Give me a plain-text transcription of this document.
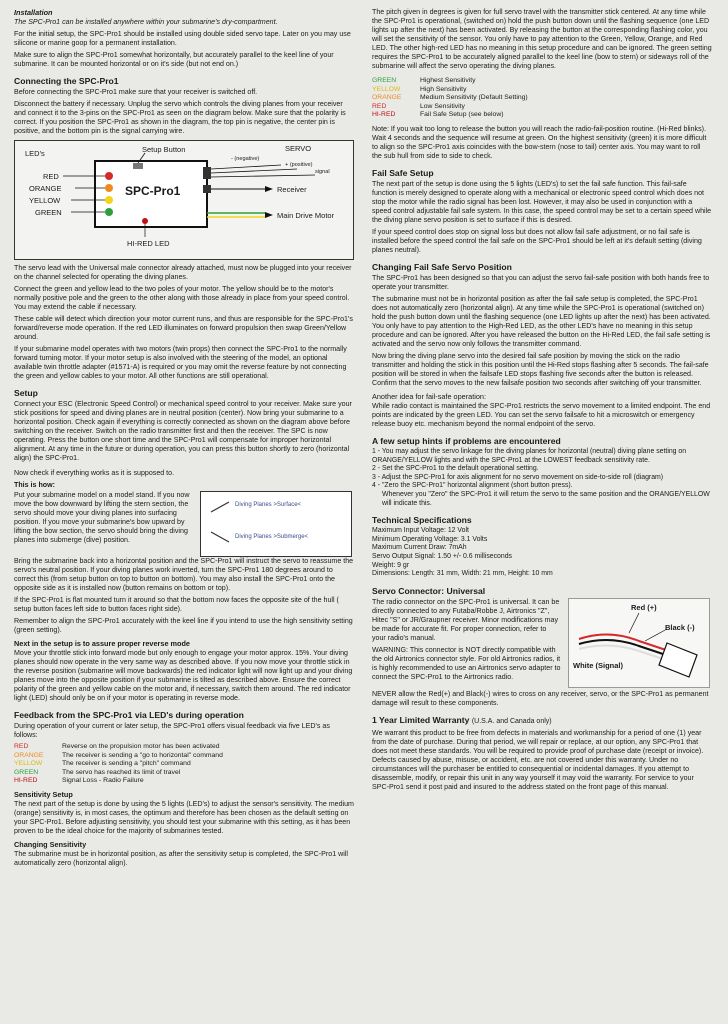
Installation

The SPC-Pro1 can be installed anywhere within your submarine's dry-compartment.

For the initial setup, the SPC-Pro1 should be installed using double sided servo tape. Later on you may use silicone or marine goop for a permanent installation.

Make sure to align the SPC-Pro1 somewhat horizontally, but accurately parallel to the keel line of your submarine. It can be mounted horizontal or on it's side (but not end on.)

Connecting the SPC-Pro1

Before connecting the SPC-Pro1 make sure that your receiver is switched off.

Disconnect the battery if necessary. Unplug the servo which controls the diving planes from your receiver and connect it to the 3-pins on the SPC-Pro1 as seen on the diagram below. Make sure that the polarity is correct. If you position the SPC-Pro1 as shown in the diagram, the top pin is negative, the center pin is positive, and the bottom pin is the signal carrying wire.

LED's	Setup Button	SERVO
- (negative)
+ (positive)
signal
RED
ORANGE
YELLOW
GREEN
SPC-Pro1	Receiver
Main Drive Motor
HI-RED LED

The servo lead with the Universal male connector already attached, must now be plugged into your receiver on the channel selected for operating the diving planes.

Connect the green and yellow lead to the two poles of your motor. The yellow should be to the motor's normally positive pole and the green to the other along with those already in place from your speed control. You may extend the cable if necessary.

These cable will detect which direction your motor current runs, and thus are responsible for the SPC-Pro1's forward/reverse mode operation. If the red LED illuminates on forward propulsion then swap Green/Yellow around.

If your submarine model operates with two motors (twin props) then connect the SPC-Pro1 to the normally forward turning motor. If your motor setup is also involved with the steering of the model, an optional available twin throttle adapter (#1571-A) is required or you may omit the reverse feature by not connecting the green and yellow cables to your motor. All other functions are still operational.

Setup

Connect your ESC (Electronic Speed Control) or mechanical speed control to your receiver. Make sure your stick positions for speed and diving planes are in neutral position (center). Now bring your submarine to a horizontal position. Check again if everything is correctly connected as shown on the diagram above before switching on the receiver. Switch on the radio transmitter first and then the receiver. The SPC is now operating. Press the button one short time and the SPC-Pro1 will compensate for improper horizontal alignment. At any time in the future or during operation, you can press this button shortly to zero (horizontal align) the SPC-Pro1.

Now check if everything works as it is supposed to.

This is how:

Put your submarine model on a model stand. If you now move the bow downward by lifting the stern section, the servo should move your diving planes into surfacing position. If you move your submarine's bow upward by lifting the bow section, the servo should bring the diving planes into submerge (dive) position.

Diving Planes >Surface<
Diving Planes >Submerge<

Bring the submarine back into a horizontal position and the SPC-Pro1 will instruct the servo to reassume the servo's neutral position. If your diving planes work inverted, turn the SPC-Pro1 180 degrees around to correct this (from setup button on top to button on bottom). You may also install the SPC-Pro1 onto the opposite side as it is installed now (button remains on bottom or top).

If the SPC-Pro1 is flat mounted turn it around so that the bottom now faces the opposite site of the hull ( setup button faces left side to button faces right side).

Remember to align the SPC-Pro1 accurately with the keel line if you intend to use the high sensitivity setting (green setting).

Next in the setup is to assure proper reverse mode

Move your throttle stick into forward mode but only enough to engage your motor approx. 15%. Your diving planes should now operate in the very same way as described above. If you now move your throttle stick in the reverse position (submarine will move backwards) the red indicator light will now light up and your diving planes move into the opposite position if your submarine is tilted as described above. Ensure the correct polarity of the green and yellow cable on the motor and, if necessary, switch them around. The red indicator light (LED) should only be on if your motor is operating in reverse mode.

Feedback from the SPC-Pro1 via LED's during operation

During operation of your current or later setup, the SPC-Pro1 offers visual feedback via five LED's as follows:

RED	Reverse on the propulsion motor has been activated
ORANGE	The receiver is sending a "go to horizontal" command
YELLOW	The receiver is sending a "pitch" command
GREEN	The servo has reached its limit of travel
HI-RED	Signal Loss - Radio Failure
Sensitivity Setup

The next part of the setup is done by using the 5 lights (LED's) to adjust the sensor's sensitivity. The medium (orange) sensitivity is, in most cases, the optimum and therefore has been chosen as the default setting on your SPC-Pro1. Before adjusting sensitivity, you should test your submarine with this setting, as it has been proven to be the ideal choice for the majority of submarines tested.

Changing Sensitivity

The submarine must be in horizontal position, as after the sensitivity setup is completed, the SPC-Pro1 will automatically zero (horizontal align).

The pitch given in degrees is given for full servo travel with the transmitter stick centered. At any time while the SPC-Pro1 is operational, (switched on) hold the push button down until the flashing sequence (one LED lights up after the next) has been activated. By releasing the button at the corresponding flashing color, you will set the sensitivity of the sensor. You only have to pay attention to the Green, Yellow, Orange, and Red LED. The other high-red LED has no meaning in this setup procedure and can be ignored. The green setting requires the SPC-Pro1 to be accurately aligned parallel to the keel line (bow to stern) or sideways roll of the submarine will affect the servo operating the diving planes.

GREEN	Highest Sensitivity
YELLOW	High Sensitivity
ORANGE	Medium Sensitivity (Default Setting)
RED	Low Sensitivity
HI-RED	Fail Safe Setup (see below)

Note: If you wait too long to release the button you will reach the radio-fail-position routine. (Hi-Red blinks). Wait 4 seconds and the sequence will resume at green. On the highest sensitivity (green) it is more difficult to align so the SPC-Pro1 axis coincides with the bow-stern (nose to tail) center axis. You may want to roll the sub hull from side to side to check.

Fail Safe Setup

The next part of the setup is done using the 5 lights (LED's) to set the fail safe function. This fail-safe function is merely designed to operate along with a mechanical or electronic speed control which does not stop the motor while the radio signal has been lost. However, it may also be used in conjunction with a speed control adjustable fail safe system. In this case, the speed control may be set to a certain speed while the diving plane servo position is set to surface if this is desired.

If your speed control does stop on signal loss but does not allow fail safe adjustment, or no fail safe is installed before the speed control the fail safe on the SPC-Pro1 should be left at it's default setting (diving planes neutral).

Changing Fail Safe Servo Position

The SPC-Pro1 has been designed so that you can adjust the servo fail-safe position with both hands free to operate your transmitter.

The submarine must not be in horizontal position as after the fail safe setup is completed, the SPC-Pro1 does not automatically zero (horizontal align). At any time while the SPC-Pro1 is operational (switched on) hold the push button down until the flashing sequence (one LED lights up after the next) has been activated. You only have to pay attention to the High-Red LED, as the other LED's have no meaning in this setup procedure and can be ignored. After you have released the button on the Hi-Red LED, the fail safe setting is activated and the servo now only follows the transmitter command.

Now bring the diving plane servo into the desired fail safe position by moving the stick on the radio transmitter and holding the stick in this position until the Hi-Red stops flashing after 5 seconds. The fail-safe position will be stored in when the failsafe LED stops flashing five seconds after the button is released. Confirm that the servo moves to the new failsafe position two seconds after switching off your transmitter.

Another idea for fail-safe operation:

While radio contact is maintained the SPC-Pro1 restricts the servo movement to a limited endpoint. The end points are indicated by the green LED. You can set the servo failsafe to hit a microswitch or emergency release buoy etc. mechanism beyond the normal endpoint of the servo.

A few setup hints if problems are encountered
1 - You may adjust the servo linkage for the diving planes for horizontal (neutral) diving plane setting on ORANGE/YELLOW lights and with the SPC-Pro1 at the LOWEST feedback sensitivity rate.
2 - Set the SPC-Pro1 to the default operational setting.
3 - Adjust the SPC-Pro1 for axis alignment for no servo movement on side-to-side roll (diagram)
4 - "Zero the SPC-Pro1" horizontal alignment (short button press).
Whenever you "Zero" the SPC-Pro1 it will return the servo to the same position and the ORANGE/YELLOW will indicate this.
Technical Specifications
Maximum Input Voltage: 12 Volt
Minimum Operating Voltage: 3.1 Volts
Maximum Current Draw: 7mAh
Servo Output Signal: 1.50 +/- 0.6 milliseconds
Weight: 9 gr
Dimensions: Length: 31 mm, Width: 21 mm, Height: 10 mm
Servo Connector: Universal

The radio connector on the SPC-Pro1 is universal. It can be directly connected to any Futaba/Robbe J, Airtronics "Z", Hitec "S" or JR/Graupner receiver. Minor modifications may be made for accurate fit. For proper connection, refer to your radio's manual.

WARNING: This connector is NOT directly compatible with the old Airtronics connector style. For old Airtronics radios, it is highly recommended to use an Airtronics servo adapter to connect the SPC-Pro1 to the Airtronics radio.

Red (+)
Black (-)
White (Signal)

NEVER allow the Red(+) and Black(-) wires to cross on any receiver, servo, or the SPC-Pro1 as permanent damage will result to these components.

1 Year Limited Warranty (U.S.A. and Canada only)

We warrant this product to be free from defects in materials and workmanship for a period of one (1) year from the date of purchase. During that period, we will repair or replace, at our option, any SPC-Pro1 that does not meet these standards. You will be required to provide proof of purchase date (receipt or invoice). Defects caused by abuse, misuse, or accident, etc. are not covered under this warranty. Under no circumstances will the purchaser be entitled to consequential or incidental damages. If you attempt to disassemble, modify, or repair this unit in any way yourself it may void the warranty. For service to your SPC-Pro1 send it post paid and insured to the address stated on the front page of this manual.
